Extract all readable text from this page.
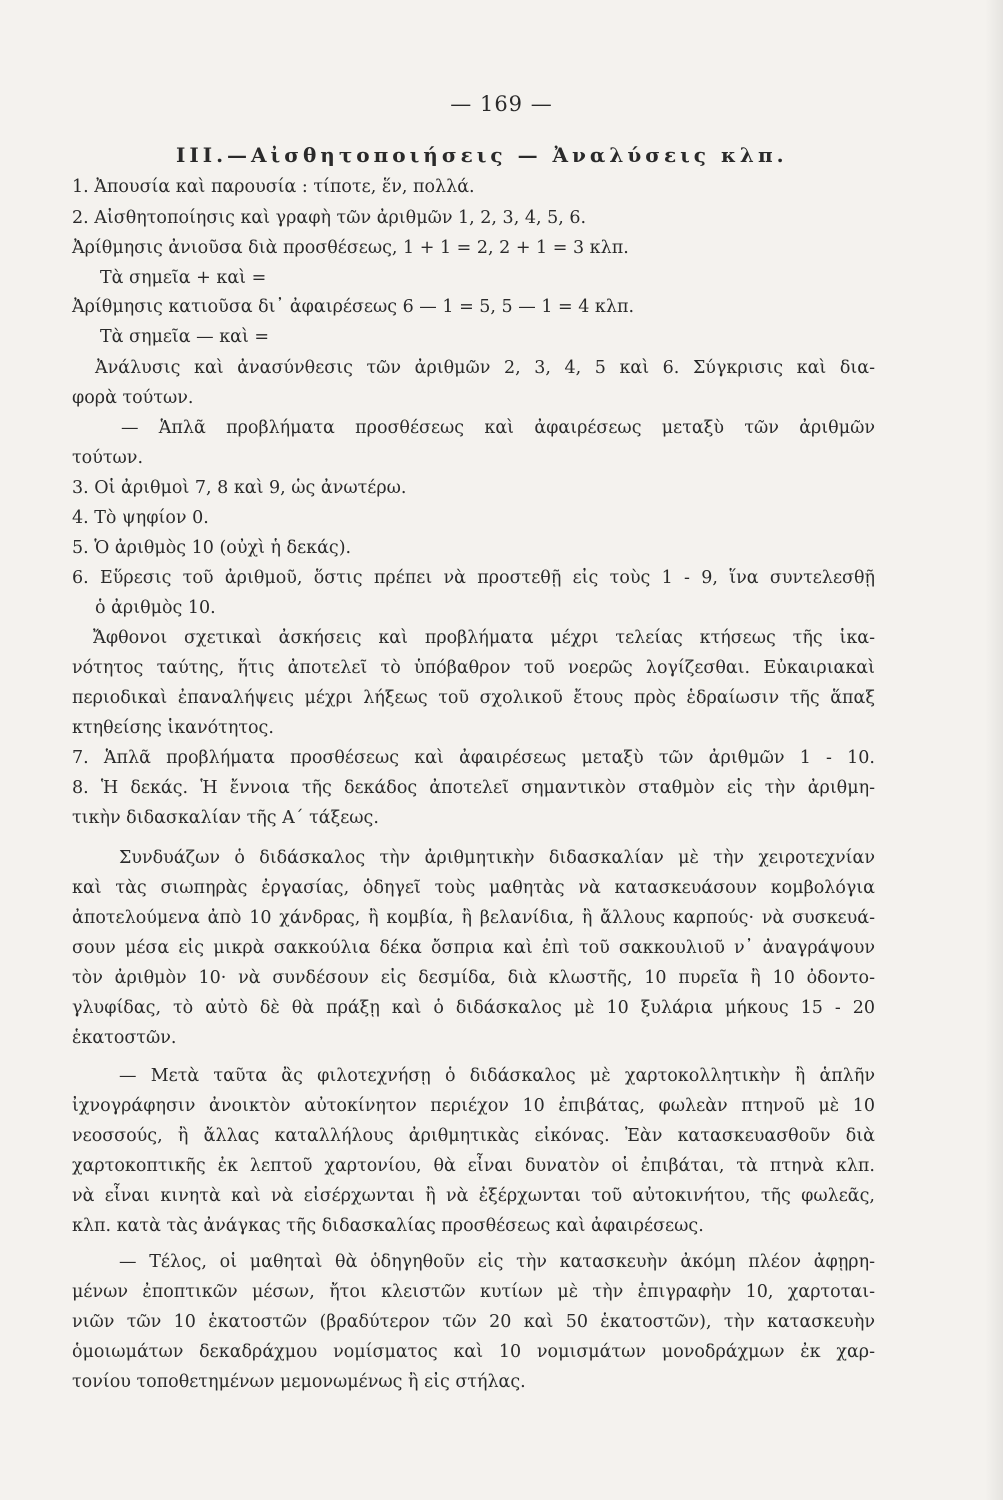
— 169 —
III.—Αἰσθητοποιήσεις — Ἀναλύσεις κλπ.
1. Ἀπουσία καὶ παρουσία : τίποτε, ἕν, πολλά.
2. Αἰσθητοποίησις καὶ γραφὴ τῶν ἀριθμῶν 1, 2, 3, 4, 5, 6.
Ἀρίθμησις ἀνιοῦσα διὰ προσθέσεως, 1 + 1 = 2, 2 + 1 = 3 κλπ.
Τὰ σημεῖα + καὶ =
Ἀρίθμησις κατιοῦσα δι᾽ ἀφαιρέσεως 6 — 1 = 5, 5 — 1 = 4 κλπ.
Τὰ σημεῖα — καὶ =
Ἀνάλυσις καὶ ἀνασύνθεσις τῶν ἀριθμῶν 2, 3, 4, 5 καὶ 6. Σύγκρισις καὶ δια-
φορὰ τούτων.
— Ἁπλᾶ προβλήματα προσθέσεως καὶ ἀφαιρέσεως μεταξὺ τῶν ἀριθμῶν
τούτων.
3. Οἱ ἀριθμοὶ 7, 8 καὶ 9, ὡς ἀνωτέρω.
4. Τὸ ψηφίον 0.
5. Ὁ ἀριθμὸς 10 (οὐχὶ ἡ δεκάς).
6. Εὕρεσις τοῦ ἀριθμοῦ, ὅστις πρέπει νὰ προστεθῇ εἰς τοὺς 1 - 9, ἵνα συντελεσθῇ
ὁ ἀριθμὸς 10.
Ἄφθονοι σχετικαὶ ἀσκήσεις καὶ προβλήματα μέχρι τελείας κτήσεως τῆς ἱκα-
νότητος ταύτης, ἥτις ἀποτελεῖ τὸ ὑπόβαθρον τοῦ νοερῶς λογίζεσθαι. Εὐκαιριακαὶ
περιοδικαὶ ἐπαναλήψεις μέχρι λήξεως τοῦ σχολικοῦ ἔτους πρὸς ἑδραίωσιν τῆς ἅπαξ
κτηθείσης ἱκανότητος.
7. Ἁπλᾶ προβλήματα προσθέσεως καὶ ἀφαιρέσεως μεταξὺ τῶν ἀριθμῶν 1 - 10.
8. Ἡ δεκάς. Ἡ ἔννοια τῆς δεκάδος ἀποτελεῖ σημαντικὸν σταθμὸν εἰς τὴν ἀριθμη-
τικὴν διδασκαλίαν τῆς Α΄ τάξεως.
Συνδυάζων ὁ διδάσκαλος τὴν ἀριθμητικὴν διδασκαλίαν μὲ τὴν χειροτεχνίαν
καὶ τὰς σιωπηρὰς ἐργασίας, ὁδηγεῖ τοὺς μαθητὰς νὰ κατασκευάσουν κομβολόγια
ἀποτελούμενα ἀπὸ 10 χάνδρας, ἢ κομβία, ἢ βελανίδια, ἢ ἄλλους καρπούς· νὰ συσκευά-
σουν μέσα εἰς μικρὰ σακκούλια δέκα ὄσπρια καὶ ἐπὶ τοῦ σακκουλιοῦ ν᾽ ἀναγράψουν
τὸν ἀριθμὸν 10· νὰ συνδέσουν εἰς δεσμίδα, διὰ κλωστῆς, 10 πυρεῖα ἢ 10 ὀδοντο-
γλυφίδας, τὸ αὐτὸ δὲ θὰ πράξῃ καὶ ὁ διδάσκαλος μὲ 10 ξυλάρια μήκους 15 - 20
ἑκατοστῶν.
— Μετὰ ταῦτα ἂς φιλοτεχνήσῃ ὁ διδάσκαλος μὲ χαρτοκολλητικὴν ἢ ἁπλῆν
ἰχνογράφησιν ἀνοικτὸν αὐτοκίνητον περιέχον 10 ἐπιβάτας, φωλεὰν πτηνοῦ μὲ 10
νεοσσούς, ἢ ἄλλας καταλλήλους ἀριθμητικὰς εἰκόνας. Ἐὰν κατασκευασθοῦν διὰ
χαρτοκοπτικῆς ἐκ λεπτοῦ χαρτονίου, θὰ εἶναι δυνατὸν οἱ ἐπιβάται, τὰ πτηνὰ κλπ.
νὰ εἶναι κινητὰ καὶ νὰ εἰσέρχωνται ἢ νὰ ἐξέρχωνται τοῦ αὐτοκινήτου, τῆς φωλεᾶς,
κλπ. κατὰ τὰς ἀνάγκας τῆς διδασκαλίας προσθέσεως καὶ ἀφαιρέσεως.
— Τέλος, οἱ μαθηταὶ θὰ ὁδηγηθοῦν εἰς τὴν κατασκευὴν ἀκόμη πλέον ἀφῃρη-
μένων ἐποπτικῶν μέσων, ἤτοι κλειστῶν κυτίων μὲ τὴν ἐπιγραφὴν 10, χαρτοται-
νιῶν τῶν 10 ἑκατοστῶν (βραδύτερον τῶν 20 καὶ 50 ἑκατοστῶν), τὴν κατασκευὴν
ὁμοιωμάτων δεκαδράχμου νομίσματος καὶ 10 νομισμάτων μονοδράχμων ἐκ χαρ-
τονίου τοποθετημένων μεμονωμένως ἢ εἰς στήλας.
